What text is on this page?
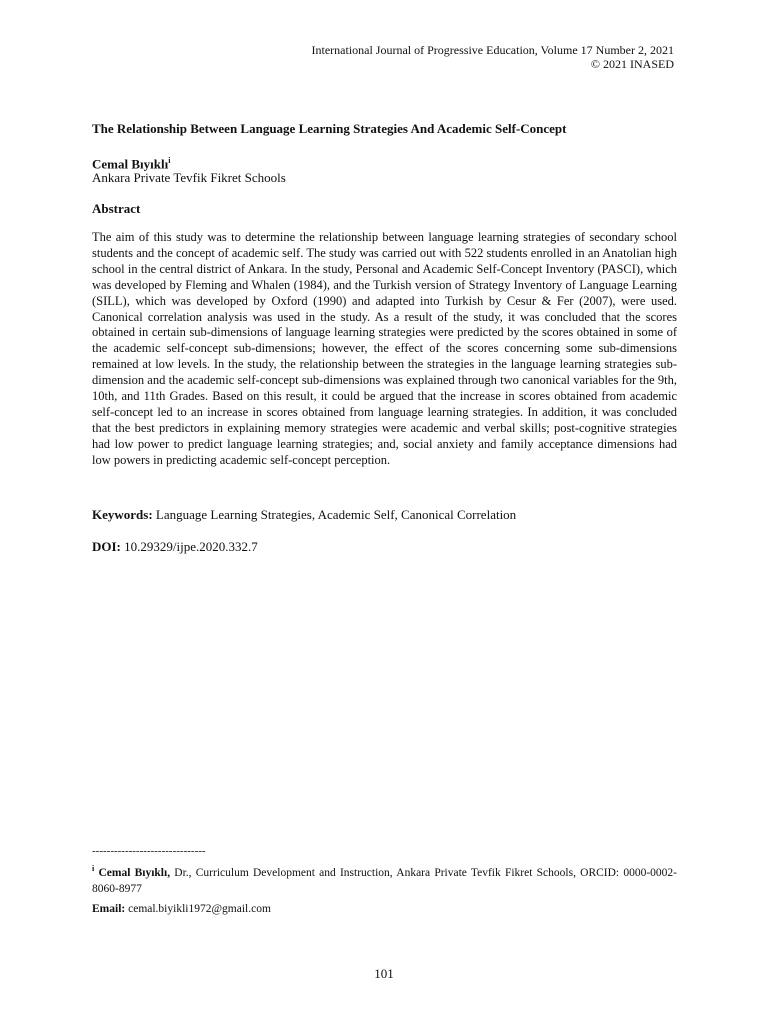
International Journal of Progressive Education, Volume 17 Number 2, 2021
© 2021 INASED
The Relationship Between Language Learning Strategies And Academic Self-Concept
Cemal Bıyıklı$^i$
Ankara Private Tevfik Fikret Schools
Abstract
The aim of this study was to determine the relationship between language learning strategies of secondary school students and the concept of academic self. The study was carried out with 522 students enrolled in an Anatolian high school in the central district of Ankara. In the study, Personal and Academic Self-Concept Inventory (PASCI), which was developed by Fleming and Whalen (1984), and the Turkish version of Strategy Inventory of Language Learning (SILL), which was developed by Oxford (1990) and adapted into Turkish by Cesur & Fer (2007), were used. Canonical correlation analysis was used in the study. As a result of the study, it was concluded that the scores obtained in certain sub-dimensions of language learning strategies were predicted by the scores obtained in some of the academic self-concept sub-dimensions; however, the effect of the scores concerning some sub-dimensions remained at low levels. In the study, the relationship between the strategies in the language learning strategies sub-dimension and the academic self-concept sub-dimensions was explained through two canonical variables for the 9th, 10th, and 11th Grades. Based on this result, it could be argued that the increase in scores obtained from academic self-concept led to an increase in scores obtained from language learning strategies. In addition, it was concluded that the best predictors in explaining memory strategies were academic and verbal skills; post-cognitive strategies had low power to predict language learning strategies; and, social anxiety and family acceptance dimensions had low powers in predicting academic self-concept perception.
Keywords: Language Learning Strategies, Academic Self, Canonical Correlation
DOI: 10.29329/ijpe.2020.332.7
-------------------------------
$^i$ Cemal Bıyıklı, Dr., Curriculum Development and Instruction, Ankara Private Tevfik Fikret Schools, ORCID: 0000-0002-8060-8977
Email: cemal.biyikli1972@gmail.com
101
